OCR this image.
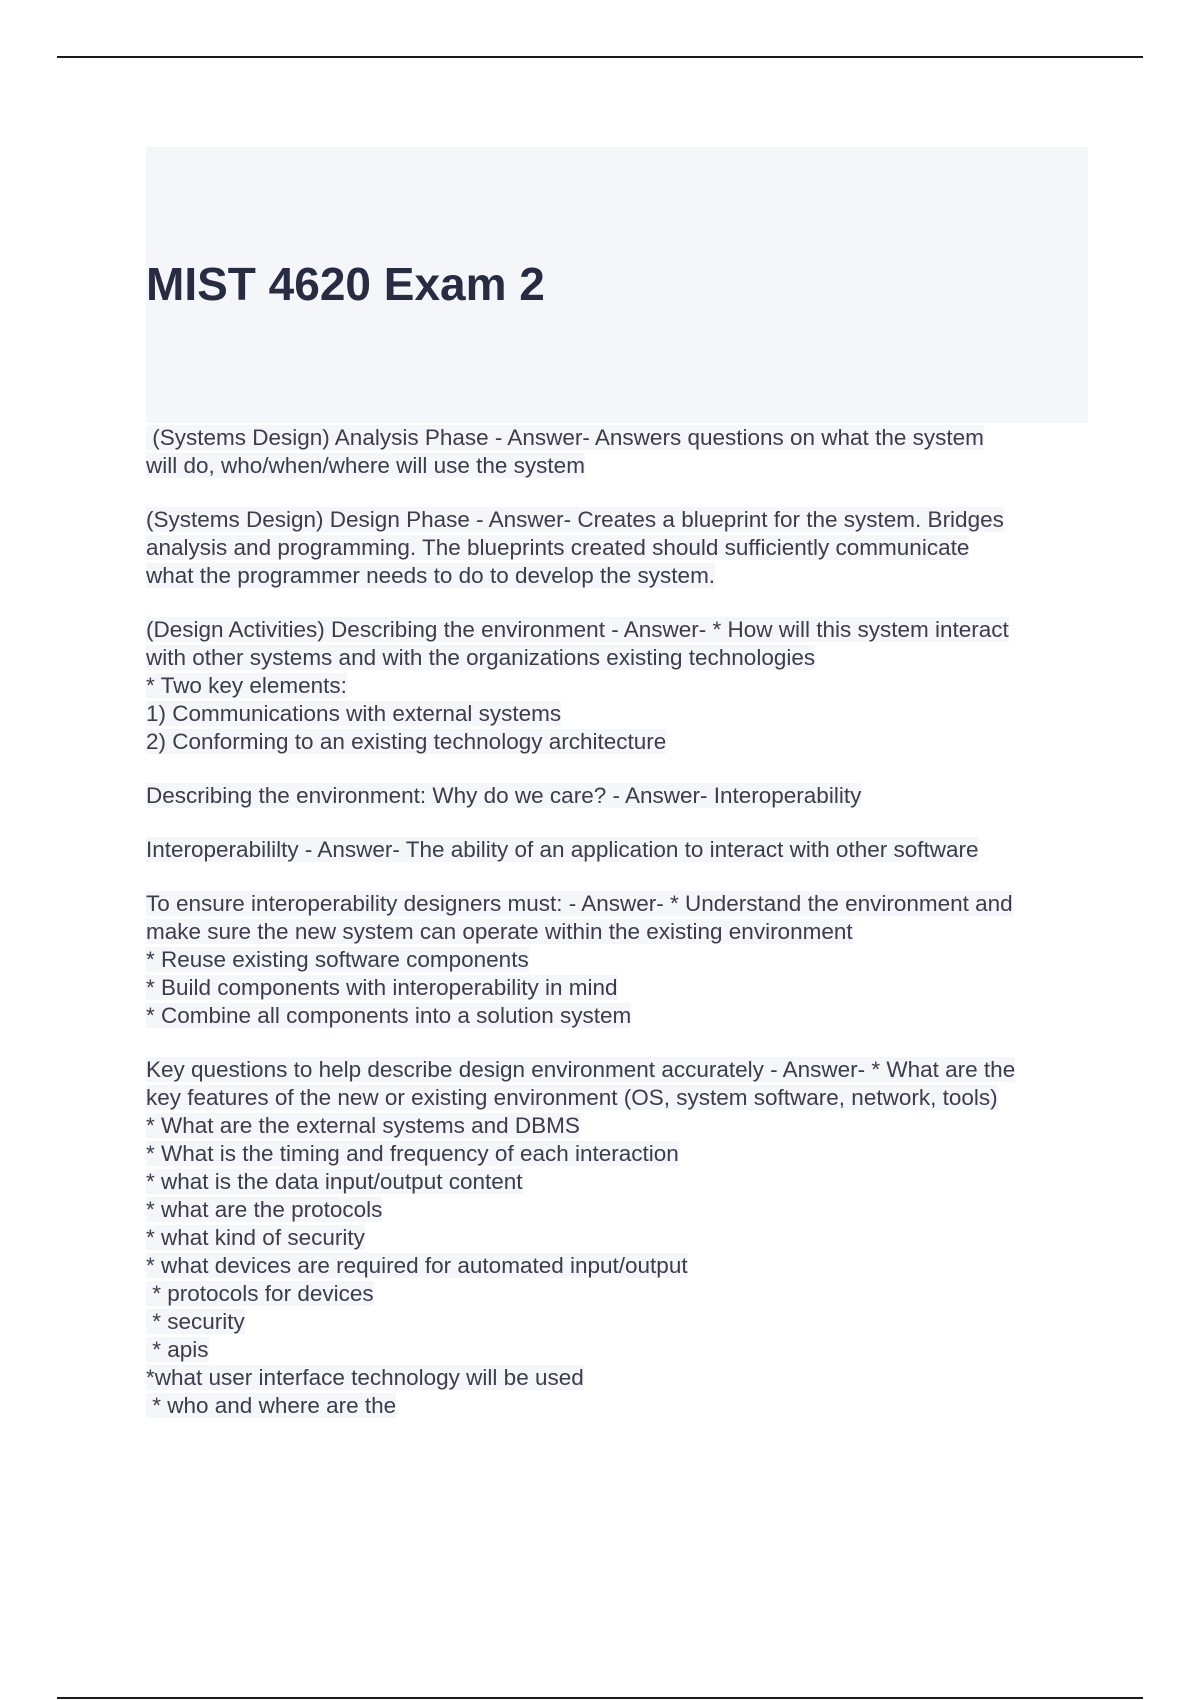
MIST 4620 Exam 2
(Systems Design) Analysis Phase - Answer- Answers questions on what the system
will do, who/when/where will use the system
(Systems Design) Design Phase - Answer- Creates a blueprint for the system. Bridges
analysis and programming. The blueprints created should sufficiently communicate
what the programmer needs to do to develop the system.
(Design Activities) Describing the environment - Answer- * How will this system interact
with other systems and with the organizations existing technologies
* Two key elements:
1) Communications with external systems
2) Conforming to an existing technology architecture
Describing the environment: Why do we care? - Answer- Interoperability
Interoperabililty - Answer- The ability of an application to interact with other software
To ensure interoperability designers must: - Answer- * Understand the environment and
make sure the new system can operate within the existing environment
* Reuse existing software components
* Build components with interoperability in mind
* Combine all components into a solution system
Key questions to help describe design environment accurately - Answer- * What are the
key features of the new or existing environment (OS, system software, network, tools)
* What are the external systems and DBMS
* What is the timing and frequency of each interaction
* what is the data input/output content
* what are the protocols
* what kind of security
* what devices are required for automated input/output
* protocols for devices
* security
* apis
*what user interface technology will be used
* who and where are the
